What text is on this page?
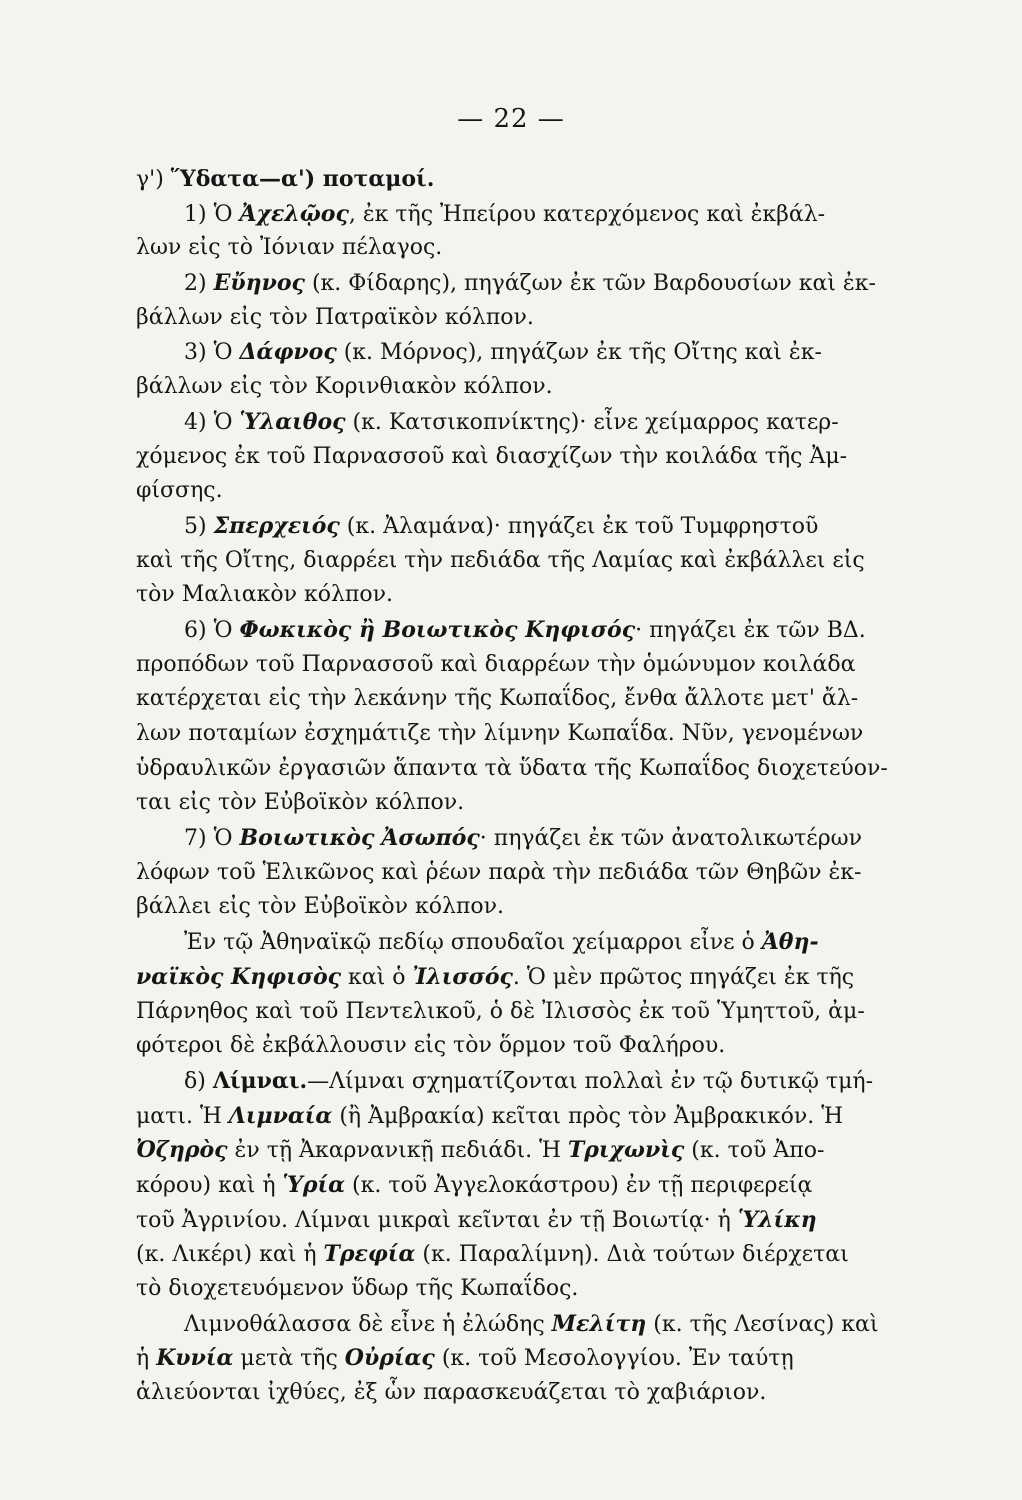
— 22 —
γ') Ὕδατα—α') ποταμοί.
1) Ὁ Ἀχελῷος, ἐκ τῆς Ἠπείρου κατερχόμενος καὶ ἐκβάλ-
λων εἰς τὸ Ἰόνιαν πέλαγος.
2) Εὔηνος (κ. Φίδαρης), πηγάζων ἐκ τῶν Βαρδουσίων καὶ ἐκ-
βάλλων εἰς τὸν Πατραϊκὸν κόλπον.
3) Ὁ Δάφνος (κ. Μόρνος), πηγάζων ἐκ τῆς Οἴτης καὶ ἐκ-
βάλλων εἰς τὸν Κορινθιακὸν κόλπον.
4) Ὁ Ὑλαιθος (κ. Κατσικοπνίκτης)· εἶνε χείμαρρος κατερ-
χόμενος ἐκ τοῦ Παρνασσοῦ καὶ διασχίζων τὴν κοιλάδα τῆς Ἀμ-
φίσσης.
5) Σπερχειός (κ. Ἀλαμάνα)· πηγάζει ἐκ τοῦ Τυμφρηστοῦ
καὶ τῆς Οἴτης, διαρρέει τὴν πεδιάδα τῆς Λαμίας καὶ ἐκβάλλει εἰς
τὸν Μαλιακὸν κόλπον.
6) Ὁ Φωκικὸς ἢ Βοιωτικὸς Κηφισός· πηγάζει ἐκ τῶν ΒΔ.
προπόδων τοῦ Παρνασσοῦ καὶ διαρρέων τὴν ὁμώνυμον κοιλάδα
κατέρχεται εἰς τὴν λεκάνην τῆς Κωπαΐδος, ἔνθα ἄλλοτε μετ' ἄλ-
λων ποταμίων ἐσχημάτιζε τὴν λίμνην Κωπαΐδα. Νῦν, γενομένων
ὑδραυλικῶν ἐργασιῶν ἅπαντα τὰ ὕδατα τῆς Κωπαΐδος διοχετεύον-
ται εἰς τὸν Εὐβοϊκὸν κόλπον.
7) Ὁ Βοιωτικὸς Ἀσωπός· πηγάζει ἐκ τῶν ἀνατολικωτέρων
λόφων τοῦ Ἑλικῶνος καὶ ῥέων παρὰ τὴν πεδιάδα τῶν Θηβῶν ἐκ-
βάλλει εἰς τὸν Εὐβοϊκὸν κόλπον.
Ἐν τῷ Ἀθηναϊκῷ πεδίῳ σπουδαῖοι χείμαρροι εἶνε ὁ Ἀθη-
ναϊκὸς Κηφισὸς καὶ ὁ Ἰλισσός. Ὁ μὲν πρῶτος πηγάζει ἐκ τῆς
Πάρνηθος καὶ τοῦ Πεντελικοῦ, ὁ δὲ Ἰλισσὸς ἐκ τοῦ Ὑμηττοῦ, ἀμ-
φότεροι δὲ ἐκβάλλουσιν εἰς τὸν ὅρμον τοῦ Φαλήρου.
δ) Λίμναι.—Λίμναι σχηματίζονται πολλαὶ ἐν τῷ δυτικῷ τμή-
ματι. Ἡ Λιμναία (ἢ Ἀμβρακία) κεῖται πρὸς τὸν Ἀμβρακικόν. Ἡ
Ὀζηρὸς ἐν τῇ Ἀκαρνανικῇ πεδιάδι. Ἡ Τριχωνὶς (κ. τοῦ Ἀπο-
κόρου) καὶ ἡ Ὑρία (κ. τοῦ Ἀγγελοκάστρου) ἐν τῇ περιφερείᾳ
τοῦ Ἀγρινίου. Λίμναι μικραὶ κεῖνται ἐν τῇ Βοιωτίᾳ· ἡ Ὑλίκη
(κ. Λικέρι) καὶ ἡ Τρεφία (κ. Παραλίμνη). Διὰ τούτων διέρχεται
τὸ διοχετευόμενον ὕδωρ τῆς Κωπαΐδος.
Λιμνοθάλασσα δὲ εἶνε ἡ ἐλώδης Μελίτη (κ. τῆς Λεσίνας) καὶ
ἡ Κυνία μετὰ τῆς Οὐρίας (κ. τοῦ Μεσολογγίου. Ἐν ταύτῃ
ἁλιεύονται ἰχθύες, ἐξ ὧν παρασκευάζεται τὸ χαβιάριον.
